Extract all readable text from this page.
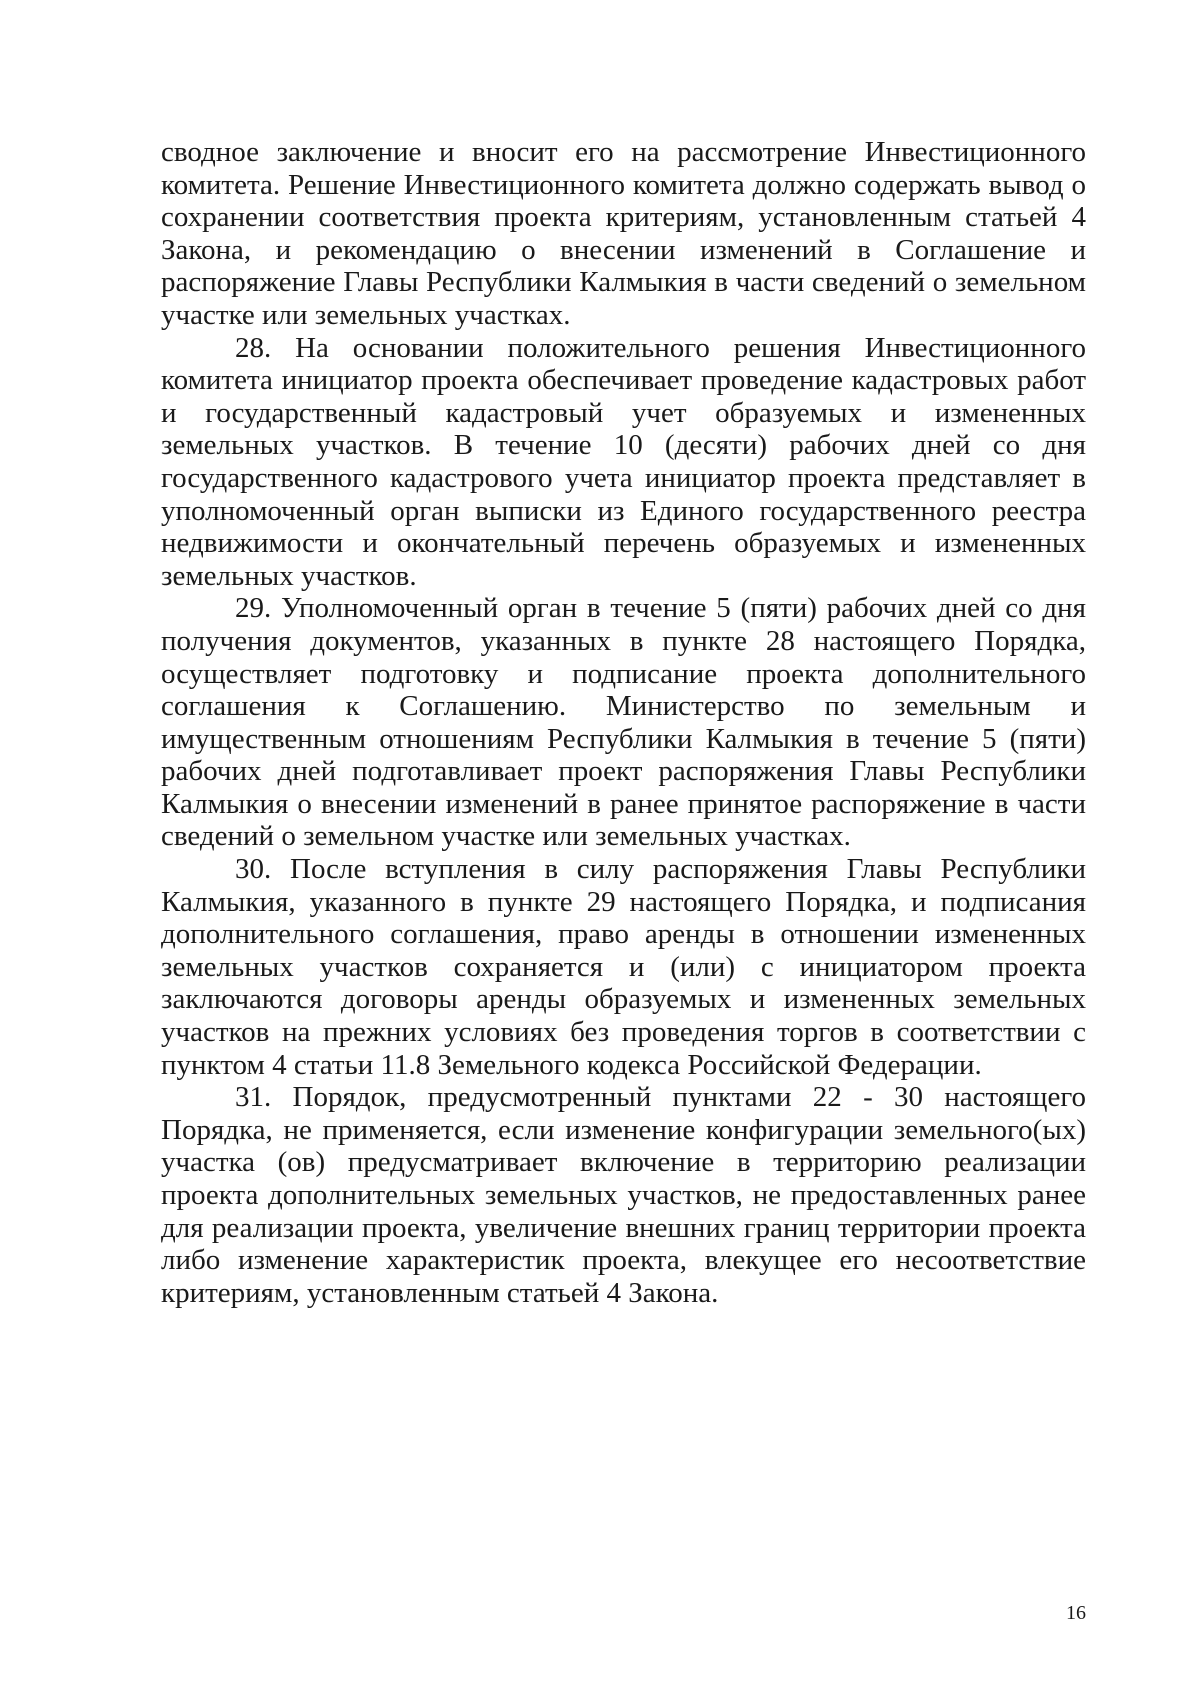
сводное заключение и вносит его на рассмотрение Инвестиционного комитета. Решение Инвестиционного комитета должно содержать вывод о сохранении соответствия проекта критериям, установленным статьей 4 Закона, и рекомендацию о внесении изменений в Соглашение и распоряжение Главы Республики Калмыкия в части сведений о земельном участке или земельных участках.

28. На основании положительного решения Инвестиционного комитета инициатор проекта обеспечивает проведение кадастровых работ и государственный кадастровый учет образуемых и измененных земельных участков. В течение 10 (десяти) рабочих дней со дня государственного кадастрового учета инициатор проекта представляет в уполномоченный орган выписки из Единого государственного реестра недвижимости и окончательный перечень образуемых и измененных земельных участков.

29. Уполномоченный орган в течение 5 (пяти) рабочих дней со дня получения документов, указанных в пункте 28 настоящего Порядка, осуществляет подготовку и подписание проекта дополнительного соглашения к Соглашению. Министерство по земельным и имущественным отношениям Республики Калмыкия в течение 5 (пяти) рабочих дней подготавливает проект распоряжения Главы Республики Калмыкия о внесении изменений в ранее принятое распоряжение в части сведений о земельном участке или земельных участках.

30. После вступления в силу распоряжения Главы Республики Калмыкия, указанного в пункте 29 настоящего Порядка, и подписания дополнительного соглашения, право аренды в отношении измененных земельных участков сохраняется и (или) с инициатором проекта заключаются договоры аренды образуемых и измененных земельных участков на прежних условиях без проведения торгов в соответствии с пунктом 4 статьи 11.8 Земельного кодекса Российской Федерации.

31. Порядок, предусмотренный пунктами 22 - 30 настоящего Порядка, не применяется, если изменение конфигурации земельного(ых) участка (ов) предусматривает включение в территорию реализации проекта дополнительных земельных участков, не предоставленных ранее для реализации проекта, увеличение внешних границ территории проекта либо изменение характеристик проекта, влекущее его несоответствие критериям, установленным статьей 4 Закона.

16
